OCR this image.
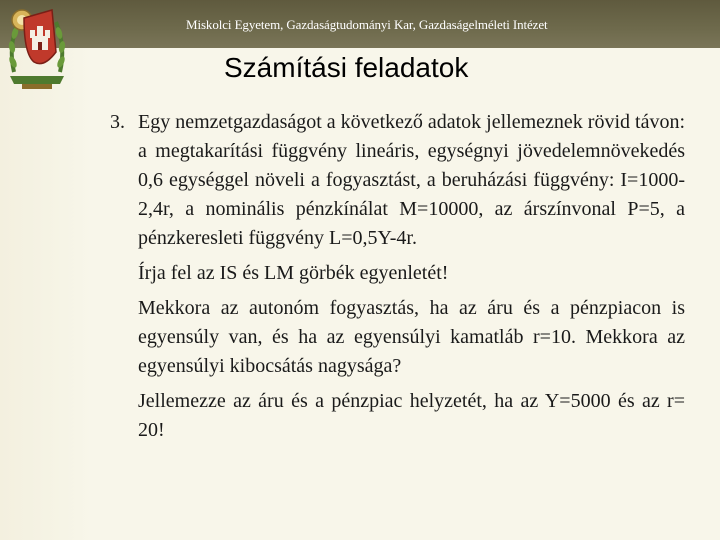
Miskolci Egyetem, Gazdaságtudományi Kar, Gazdaságelméleti Intézet
Számítási feladatok
3. Egy nemzetgazdaságot a következő adatok jellemeznek rövid távon: a megtakarítási függvény lineáris, egységnyi jövedelemnövekedés 0,6 egységgel növeli a fogyasztást, a beruházási függvény: I=1000-2,4r, a nominális pénzkínálat M=10000, az árszínvonal P=5, a pénzkeresleti függvény L=0,5Y-4r.
Írja fel az IS és LM görbék egyenletét!
Mekkora az autonóm fogyasztás, ha az áru és a pénzpiacon is egyensúly van, és ha az egyensúlyi kamatláb r=10. Mekkora az egyensúlyi kibocsátás nagysága?
Jellemezze az áru és a pénzpiac helyzetét, ha az Y=5000 és az r= 20!
